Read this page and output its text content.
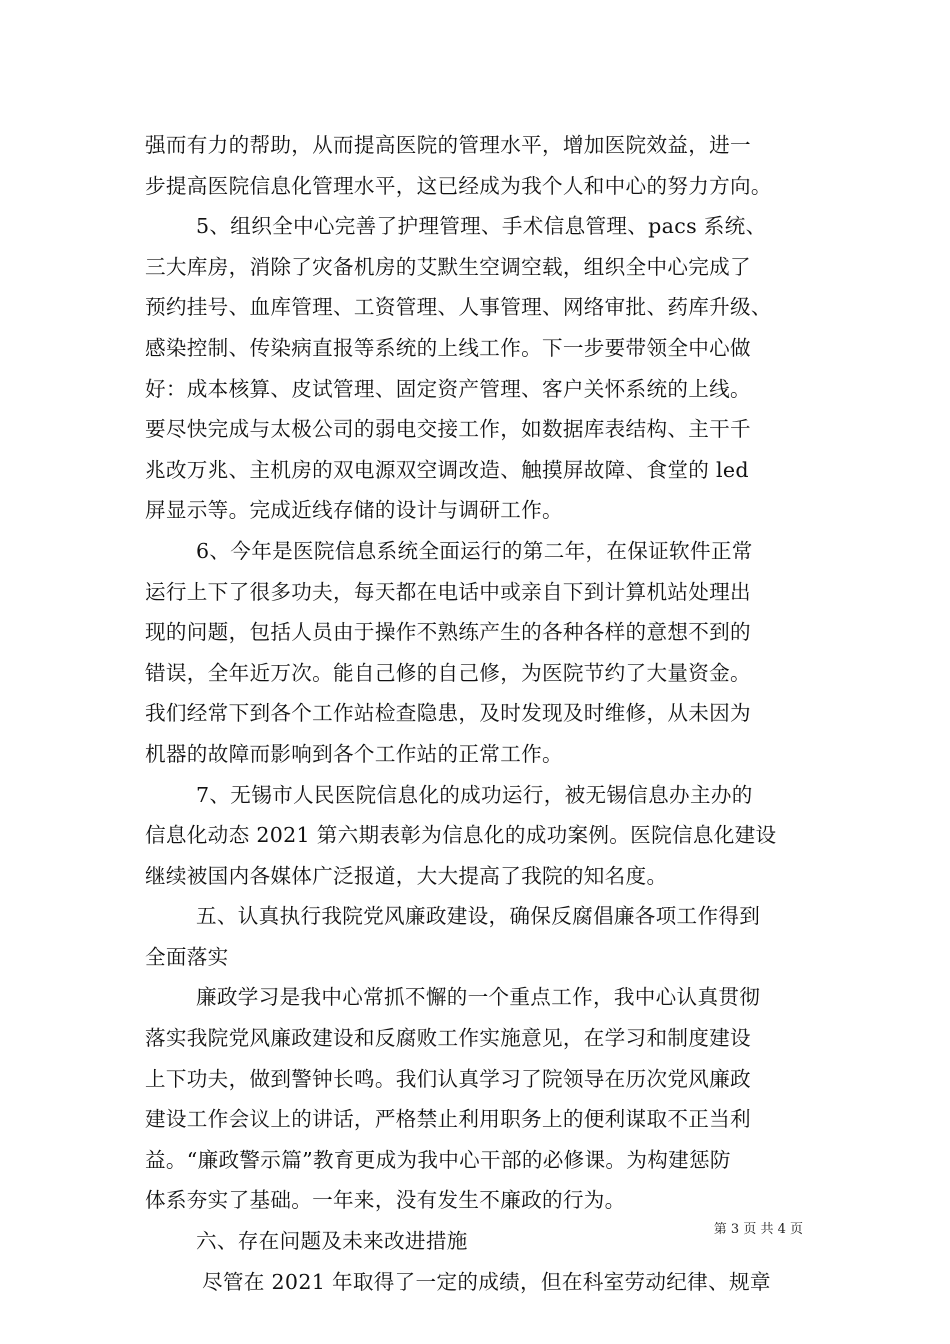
强而有力的帮助，从而提高医院的管理水平，增加医院效益，进一
步提高医院信息化管理水平，这已经成为我个人和中心的努力方向。
5、组织全中心完善了护理管理、手术信息管理、pacs 系统、
三大库房，消除了灾备机房的艾默生空调空载，组织全中心完成了
预约挂号、血库管理、工资管理、人事管理、网络审批、药库升级、
感染控制、传染病直报等系统的上线工作。下一步要带领全中心做
好：成本核算、皮试管理、固定资产管理、客户关怀系统的上线。
要尽快完成与太极公司的弱电交接工作，如数据库表结构、主干千
兆改万兆、主机房的双电源双空调改造、触摸屏故障、食堂的 led
屏显示等。完成近线存储的设计与调研工作。
6、今年是医院信息系统全面运行的第二年，在保证软件正常
运行上下了很多功夫，每天都在电话中或亲自下到计算机站处理出
现的问题，包括人员由于操作不熟练产生的各种各样的意想不到的
错误，全年近万次。能自己修的自己修，为医院节约了大量资金。
我们经常下到各个工作站检查隐患，及时发现及时维修，从未因为
机器的故障而影响到各个工作站的正常工作。
7、无锡市人民医院信息化的成功运行，被无锡信息办主办的
信息化动态 2021 第六期表彰为信息化的成功案例。医院信息化建设
继续被国内各媒体广泛报道，大大提高了我院的知名度。
五、认真执行我院党风廉政建设，确保反腐倡廉各项工作得到
全面落实
廉政学习是我中心常抓不懈的一个重点工作，我中心认真贯彻
落实我院党风廉政建设和反腐败工作实施意见，在学习和制度建设
上下功夫，做到警钟长鸣。我们认真学习了院领导在历次党风廉政
建设工作会议上的讲话，严格禁止利用职务上的便利谋取不正当利
益。“廉政警示篇”教育更成为我中心干部的必修课。为构建惩防
体系夯实了基础。一年来，没有发生不廉政的行为。
六、存在问题及未来改进措施
尽管在 2021 年取得了一定的成绩，但在科室劳动纪律、规章
第 3 页 共 4 页
